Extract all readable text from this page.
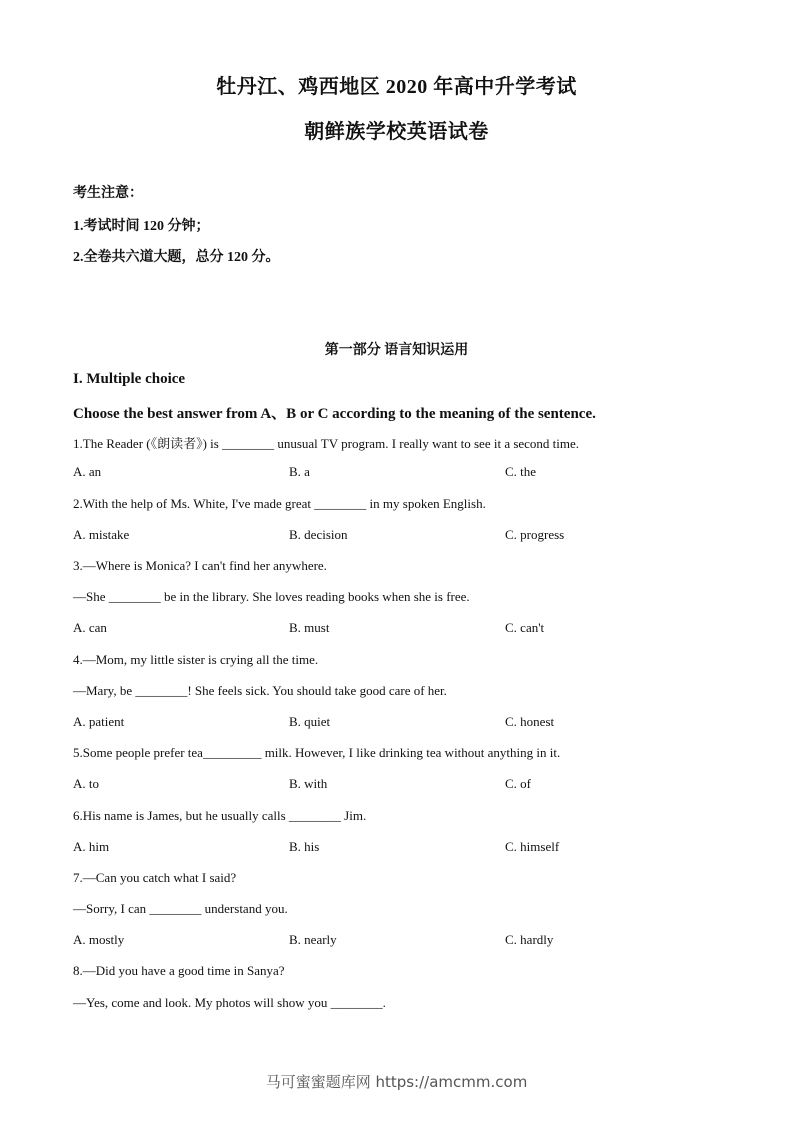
牡丹江、鸡西地区 2020 年高中升学考试
朝鲜族学校英语试卷
考生注意：
1.考试时间 120 分钟；
2.全卷共六道大题，总分 120 分。
第一部分 语言知识运用
I. Multiple choice
Choose the best answer from A、B or C according to the meaning of the sentence.
1.The Reader (《朗读者》) is ________ unusual TV program. I really want to see it a second time.
A. an	B. a	C. the
2.With the help of Ms. White, I've made great ________ in my spoken English.
A. mistake	B. decision	C. progress
3.—Where is Monica? I can't find her anywhere.
—She ________ be in the library. She loves reading books when she is free.
A. can	B. must	C. can't
4.—Mom, my little sister is crying all the time.
—Mary, be ________! She feels sick. You should take good care of her.
A. patient	B. quiet	C. honest
5.Some people prefer tea_________ milk. However, I like drinking tea without anything in it.
A. to	B. with	C. of
6.His name is James, but he usually calls ________ Jim.
A. him	B. his	C. himself
7.—Can you catch what I said?
—Sorry, I can ________ understand you.
A. mostly	B. nearly	C. hardly
8.—Did you have a good time in Sanya?
—Yes, come and look. My photos will show you ________.
马可蜜蜜题库网 https://amcmm.com
